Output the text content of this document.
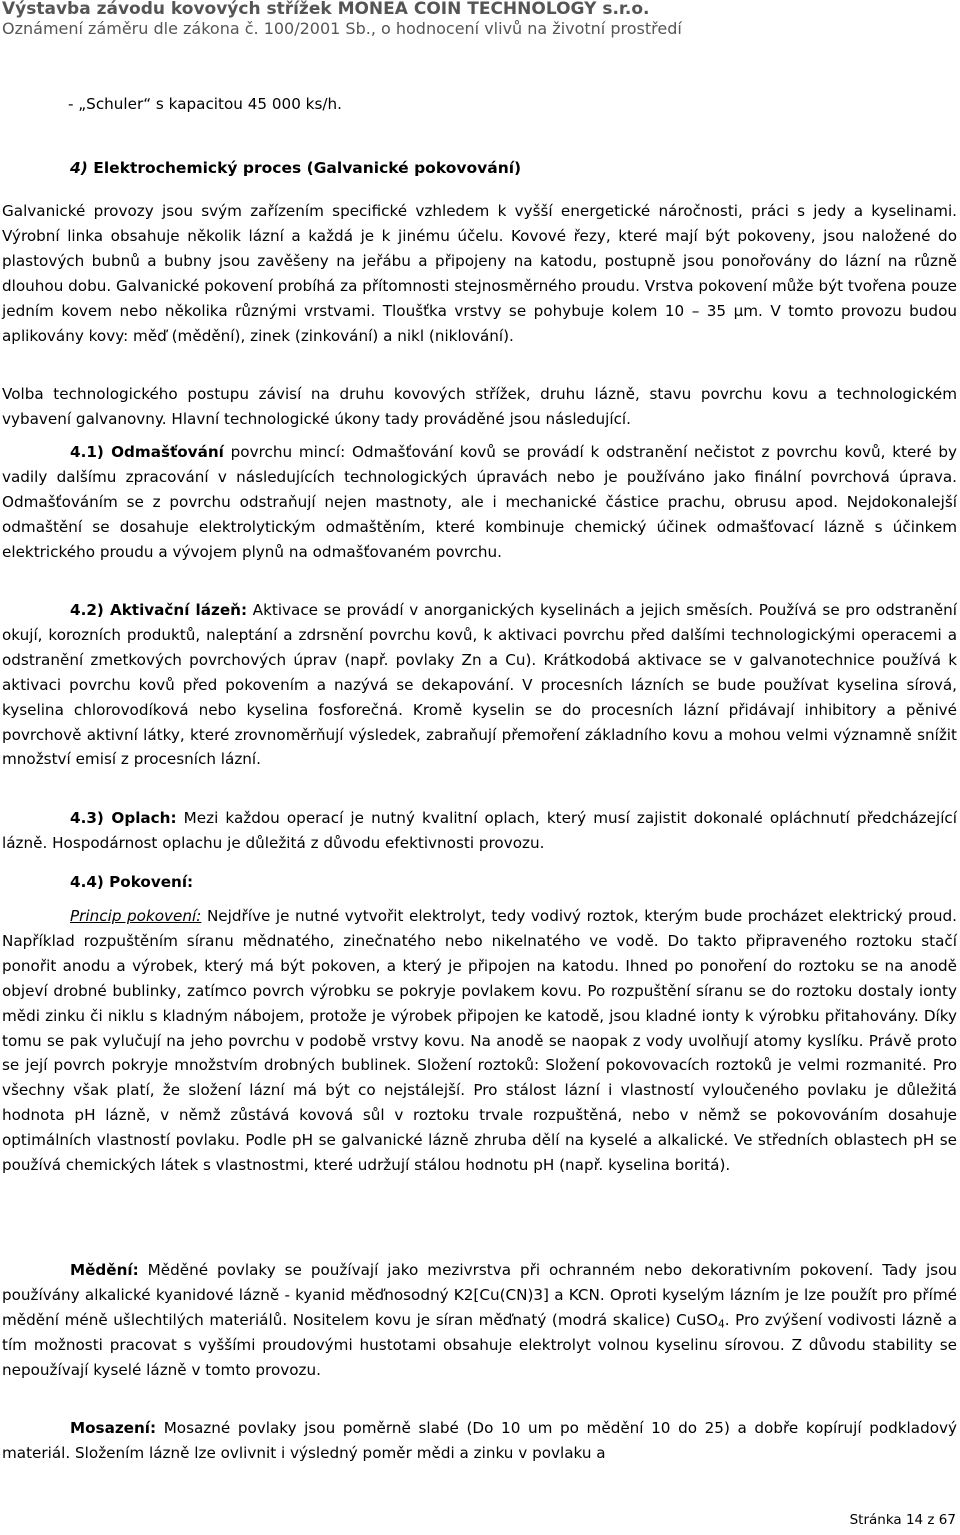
Výstavba závodu kovových střížek MONEA COIN TECHNOLOGY s.r.o.
Oznámení záměru dle zákona č. 100/2001 Sb., o hodnocení vlivů na životní prostředí
- „Schuler“ s kapacitou 45 000 ks/h.
4) Elektrochemický proces (Galvanické pokovování)
Galvanické provozy jsou svým zařízením specifické vzhledem k vyšší energetické náročnosti, práci s jedy a kyselinami. Výrobní linka obsahuje několik lázní a každá je k jinému účelu. Kovové řezy, které mají být pokoveny, jsou naložené do plastových bubnů a bubny jsou zavěšeny na jeřábu a připojeny na katodu, postupně jsou ponořovány do lázní na různě dlouhou dobu. Galvanické pokovení probíhá za přítomnosti stejnosměrného proudu. Vrstva pokovení může být tvořena pouze jedním kovem nebo několika různými vrstvami. Tloušťka vrstvy se pohybuje kolem 10 – 35 µm. V tomto provozu budou aplikovány kovy: měď (mědění), zinek (zinkování) a nikl (niklování).
Volba technologického postupu závisí na druhu kovových střížek, druhu lázně, stavu povrchu kovu a technologickém vybavení galvanovny. Hlavní technologické úkony tady prováděné jsou následující.
4.1) Odmašťování povrchu mincí: Odmašťování kovů se provádí k odstranění nečistot z povrchu kovů, které by vadily dalšímu zpracování v následujících technologických úpravách nebo je používáno jako finální povrchová úprava. Odmašťováním se z povrchu odstraňují nejen mastnoty, ale i mechanické částice prachu, obrusu apod. Nejdokonalejší odmaštění se dosahuje elektrolytickým odmaštěním, které kombinuje chemický účinek odmašťovací lázně s účinkem elektrického proudu a vývojem plynů na odmašťovaném povrchu.
4.2) Aktivační lázeň: Aktivace se provádí v anorganických kyselinách a jejich směsích. Používá se pro odstranění okují, korozních produktů, naleptání a zdrsnění povrchu kovů, k aktivaci povrchu před dalšími technologickými operacemi a odstranění zmetkových povrchových úprav (např. povlaky Zn a Cu). Krátkodobá aktivace se v galvanotechnice používá k aktivaci povrchu kovů před pokovením a nazývá se dekapování. V procesních lázních se bude používat kyselina sírová, kyselina chlorovodíková nebo kyselina fosforečná. Kromě kyselin se do procesních lázní přidávají inhibitory a pěnivé povrchově aktivní látky, které zrovnoměrňují výsledek, zabraňují přemoření základního kovu a mohou velmi významně snížit množství emisí z procesních lázní.
4.3) Oplach: Mezi každou operací je nutný kvalitní oplach, který musí zajistit dokonalé opláchnutí předcházející lázně. Hospodárnost oplachu je důležitá z důvodu efektivnosti provozu.
4.4) Pokovení:
Princip pokovení: Nejdříve je nutné vytvořit elektrolyt, tedy vodivý roztok, kterým bude procházet elektrický proud. Například rozpuštěním síranu mědnatého, zinečnatého nebo nikelnatého ve vodě. Do takto připraveného roztoku stačí ponořit anodu a výrobek, který má být pokoven, a který je připojen na katodu. Ihned po ponoření do roztoku se na anodě objeví drobné bublinky, zatímco povrch výrobku se pokryje povlakem kovu. Po rozpuštění síranu se do roztoku dostaly ionty mědi zinku či niklu s kladným nábojem, protože je výrobek připojen ke katodě, jsou kladné ionty k výrobku přitahovány. Díky tomu se pak vylučují na jeho povrchu v podobě vrstvy kovu. Na anodě se naopak z vody uvolňují atomy kyslíku. Právě proto se její povrch pokryje množstvím drobných bublinek. Složení roztoků: Složení pokovovacích roztoků je velmi rozmanité. Pro všechny však platí, že složení lázní má být co nejstálejší. Pro stálost lázní i vlastností vyloučeného povlaku je důležitá hodnota pH lázně, v němž zůstává kovová sůl v roztoku trvale rozpuštěná, nebo v němž se pokovováním dosahuje optimálních vlastností povlaku. Podle pH se galvanické lázně zhruba dělí na kyselé a alkalické. Ve středních oblastech pH se používá chemických látek s vlastnostmi, které udržují stálou hodnotu pH (např. kyselina boritá).
Mědění: Měděné povlaky se používají jako mezivrstva při ochranném nebo dekorativním pokovení. Tady jsou používány alkalické kyanidové lázně - kyanid měďnosodný K2[Cu(CN)3] a KCN. Oproti kyselým lázním je lze použít pro přímé mědění méně ušlechtilých materiálů. Nositelem kovu je síran měďnatý (modrá skalice) CuSO$_4$. Pro zvýšení vodivosti lázně a tím možnosti pracovat s vyššími proudovými hustotami obsahuje elektrolyt volnou kyselinu sírovou. Z důvodu stability se nepoužívají kyselé lázně v tomto provozu.
Mosazení: Mosazné povlaky jsou poměrně slabé (Do 10 um po mědění 10 do 25) a dobře kopírují podkladový materiál. Složením lázně lze ovlivnit i výsledný poměr mědi a zinku v povlaku a
Stránka 14 z 67
